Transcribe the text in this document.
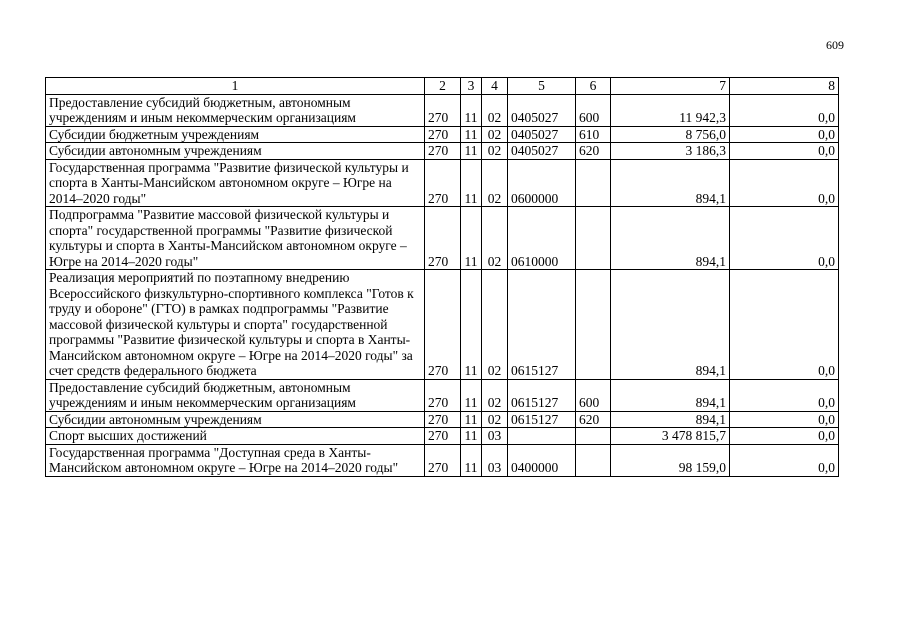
609
1	2	3	4	5	6	7	8
Предоставление субсидий бюджетным, автономным учреждениям и иным некоммерческим организациям	270	11	02	0405027	600	11 942,3	0,0
Субсидии бюджетным учреждениям	270	11	02	0405027	610	8 756,0	0,0
Субсидии автономным учреждениям	270	11	02	0405027	620	3 186,3	0,0
Государственная программа "Развитие физической культуры и спорта в Ханты-Мансийском автономном округе – Югре на 2014–2020 годы"	270	11	02	0600000		894,1	0,0
Подпрограмма "Развитие массовой физической культуры и спорта" государственной программы "Развитие физической культуры и спорта в Ханты-Мансийском автономном округе – Югре на 2014–2020 годы"	270	11	02	0610000		894,1	0,0
Реализация мероприятий по поэтапному внедрению Всероссийского физкультурно-спортивного комплекса "Готов к труду и обороне" (ГТО) в рамках подпрограммы "Развитие массовой физической культуры и спорта" государственной программы "Развитие физической культуры и спорта в Ханты-Мансийском автономном округе – Югре на 2014–2020 годы" за счет средств федерального бюджета	270	11	02	0615127		894,1	0,0
Предоставление субсидий бюджетным, автономным учреждениям и иным некоммерческим организациям	270	11	02	0615127	600	894,1	0,0
Субсидии автономным учреждениям	270	11	02	0615127	620	894,1	0,0
Спорт высших достижений	270	11	03			3 478 815,7	0,0
Государственная программа "Доступная среда в Ханты-Мансийском автономном округе – Югре на 2014–2020 годы"	270	11	03	0400000		98 159,0	0,0
